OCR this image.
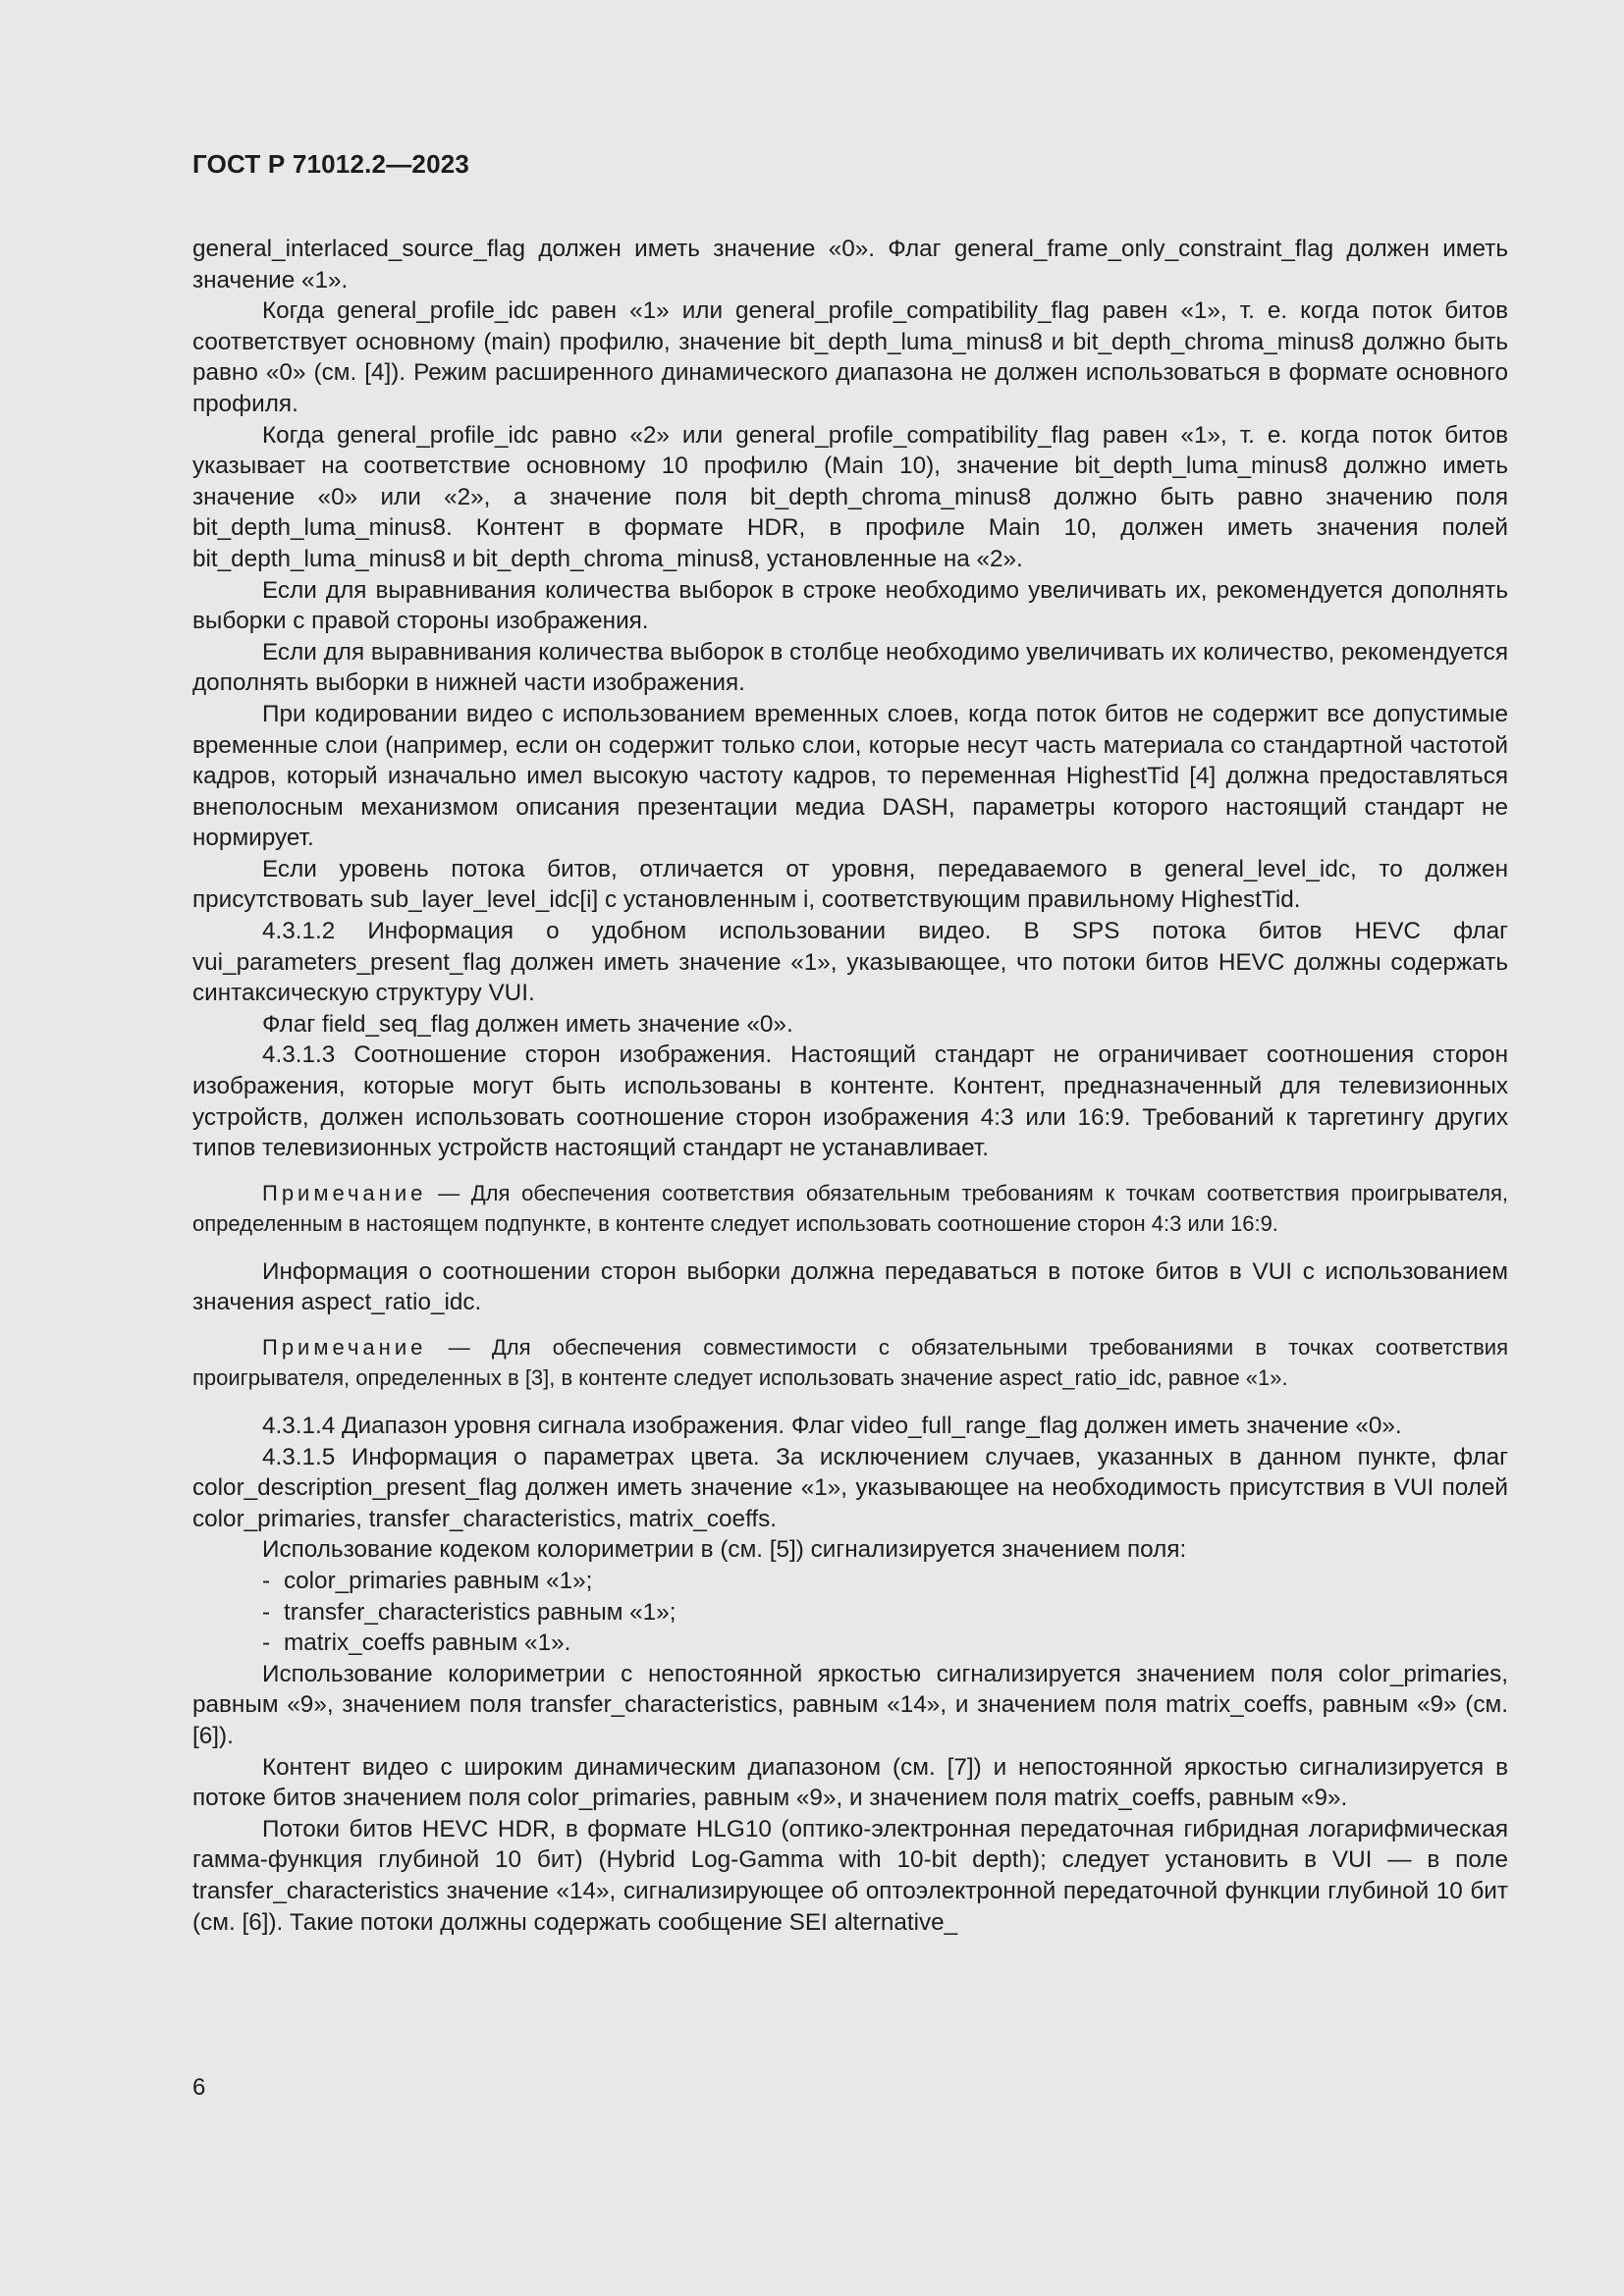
ГОСТ Р 71012.2—2023

general_interlaced_source_flag должен иметь значение «0». Флаг general_frame_only_constraint_flag должен иметь значение «1».

Когда general_profile_idc равен «1» или general_profile_compatibility_flag равен «1», т. е. когда поток битов соответствует основному (main) профилю, значение bit_depth_luma_minus8 и bit_depth_chroma_minus8 должно быть равно «0» (см. [4]). Режим расширенного динамического диапазона не должен использоваться в формате основного профиля.

Когда general_profile_idc равно «2» или general_profile_compatibility_flag равен «1», т. е. когда поток битов указывает на соответствие основному 10 профилю (Main 10), значение bit_depth_luma_minus8 должно иметь значение «0» или «2», а значение поля bit_depth_chroma_minus8 должно быть равно значению поля bit_depth_luma_minus8. Контент в формате HDR, в профиле Main 10, должен иметь значения полей bit_depth_luma_minus8 и bit_depth_chroma_minus8, установленные на «2».

Если для выравнивания количества выборок в строке необходимо увеличивать их, рекомендуется дополнять выборки с правой стороны изображения.

Если для выравнивания количества выборок в столбце необходимо увеличивать их количество, рекомендуется дополнять выборки в нижней части изображения.

При кодировании видео с использованием временных слоев, когда поток битов не содержит все допустимые временные слои (например, если он содержит только слои, которые несут часть материала со стандартной частотой кадров, который изначально имел высокую частоту кадров, то переменная HighestTid [4] должна предоставляться внеполосным механизмом описания презентации медиа DASH, параметры которого настоящий стандарт не нормирует.

Если уровень потока битов, отличается от уровня, передаваемого в general_level_idc, то должен присутствовать sub_layer_level_idc[i] с установленным i, соответствующим правильному HighestTid.

4.3.1.2 Информация о удобном использовании видео. В SPS потока битов HEVC флаг vui_parameters_present_flag должен иметь значение «1», указывающее, что потоки битов HEVC должны содержать синтаксическую структуру VUI.

Флаг field_seq_flag должен иметь значение «0».

4.3.1.3 Соотношение сторон изображения. Настоящий стандарт не ограничивает соотношения сторон изображения, которые могут быть использованы в контенте. Контент, предназначенный для телевизионных устройств, должен использовать соотношение сторон изображения 4:3 или 16:9. Требований к таргетингу других типов телевизионных устройств настоящий стандарт не устанавливает.

Примечание — Для обеспечения соответствия обязательным требованиям к точкам соответствия проигрывателя, определенным в настоящем подпункте, в контенте следует использовать соотношение сторон 4:3 или 16:9.

Информация о соотношении сторон выборки должна передаваться в потоке битов в VUI с использованием значения aspect_ratio_idc.

Примечание — Для обеспечения совместимости с обязательными требованиями в точках соответствия проигрывателя, определенных в [3], в контенте следует использовать значение aspect_ratio_idc, равное «1».

4.3.1.4 Диапазон уровня сигнала изображения. Флаг video_full_range_flag должен иметь значение «0».

4.3.1.5 Информация о параметрах цвета. За исключением случаев, указанных в данном пункте, флаг color_description_present_flag должен иметь значение «1», указывающее на необходимость присутствия в VUI полей color_primaries, transfer_characteristics, matrix_coeffs.

Использование кодеком колориметрии в (см. [5]) сигнализируется значением поля:

- color_primaries равным «1»;

- transfer_characteristics равным «1»;

- matrix_coeffs равным «1».

Использование колориметрии с непостоянной яркостью сигнализируется значением поля color_primaries, равным «9», значением поля transfer_characteristics, равным «14», и значением поля matrix_coeffs, равным «9» (см. [6]).

Контент видео с широким динамическим диапазоном (см. [7]) и непостоянной яркостью сигнализируется в потоке битов значением поля color_primaries, равным «9», и значением поля matrix_coeffs, равным «9».

Потоки битов HEVC HDR, в формате HLG10 (оптико-электронная передаточная гибридная логарифмическая гамма-функция глубиной 10 бит) (Hybrid Log-Gamma with 10-bit depth); следует установить в VUI — в поле transfer_characteristics значение «14», сигнализирующее об оптоэлектронной передаточной функции глубиной 10 бит (см. [6]). Такие потоки должны содержать сообщение SEI alternative_

6
